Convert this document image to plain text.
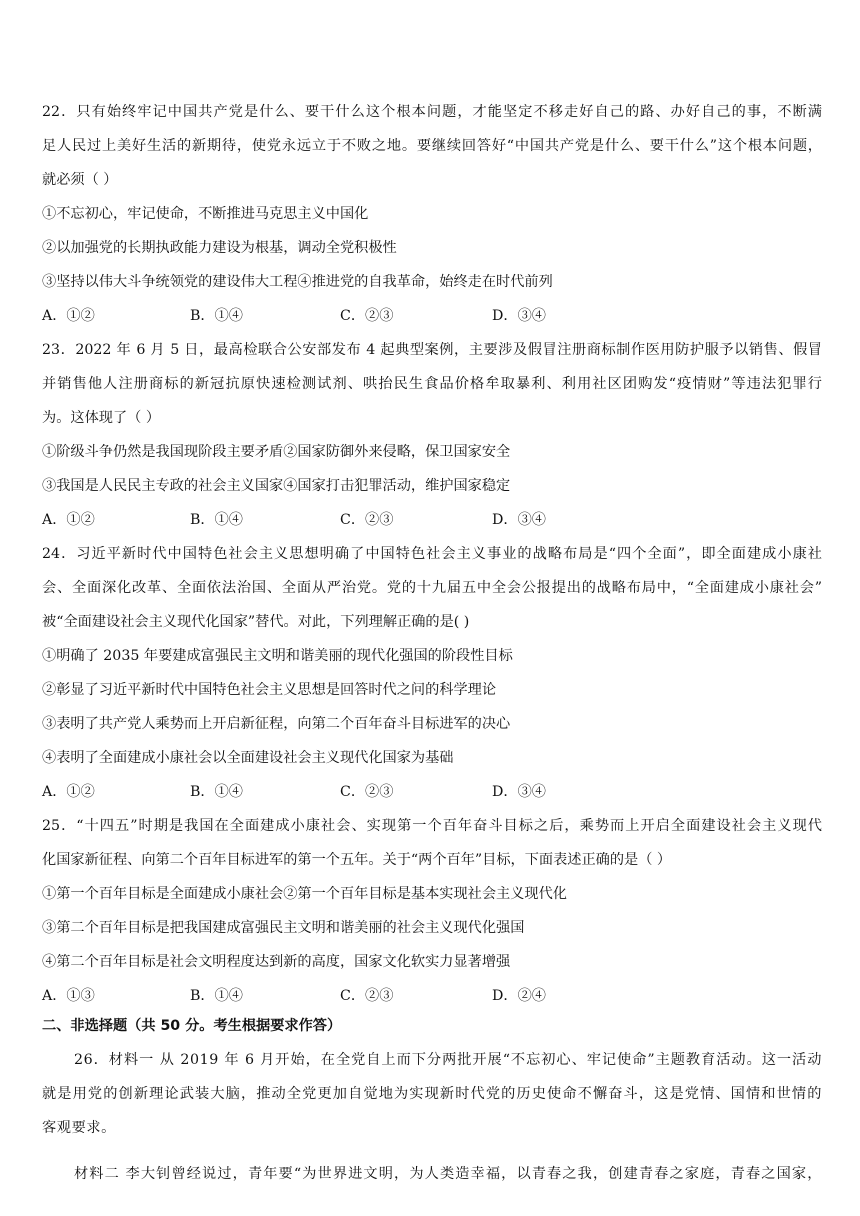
22．只有始终牢记中国共产党是什么、要干什么这个根本问题，才能坚定不移走好自己的路、办好自己的事，不断满
足人民过上美好生活的新期待，使党永远立于不败之地。要继续回答好“中国共产党是什么、要干什么”这个根本问题，
就必须（ ）
①不忘初心，牢记使命，不断推进马克思主义中国化
②以加强党的长期执政能力建设为根基，调动全党积极性
③坚持以伟大斗争统领党的建设伟大工程④推进党的自我革命，始终走在时代前列
A．①②	B．①④	C．②③	D．③④
23．2022 年 6 月 5 日，最高检联合公安部发布 4 起典型案例，主要涉及假冒注册商标制作医用防护服予以销售、假冒
并销售他人注册商标的新冠抗原快速检测试剂、哄抬民生食品价格牟取暴利、利用社区团购发“疫情财”等违法犯罪行
为。这体现了（ ）
①阶级斗争仍然是我国现阶段主要矛盾②国家防御外来侵略，保卫国家安全
③我国是人民民主专政的社会主义国家④国家打击犯罪活动，维护国家稳定
A．①②	B．①④	C．②③	D．③④
24．习近平新时代中国特色社会主义思想明确了中国特色社会主义事业的战略布局是“四个全面”，即全面建成小康社
会、全面深化改革、全面依法治国、全面从严治党。党的十九届五中全会公报提出的战略布局中，“全面建成小康社会”
被“全面建设社会主义现代化国家”替代。对此，下列理解正确的是( )
①明确了 2035 年要建成富强民主文明和谐美丽的现代化强国的阶段性目标
②彰显了习近平新时代中国特色社会主义思想是回答时代之问的科学理论
③表明了共产党人乘势而上开启新征程，向第二个百年奋斗目标进军的决心
④表明了全面建成小康社会以全面建设社会主义现代化国家为基础
A．①②	B．①④	C．②③	D．③④
25．“十四五”时期是我国在全面建成小康社会、实现第一个百年奋斗目标之后，乘势而上开启全面建设社会主义现代
化国家新征程、向第二个百年目标进军的第一个五年。关于“两个百年”目标，下面表述正确的是（ ）
①第一个百年目标是全面建成小康社会②第一个百年目标是基本实现社会主义现代化
③第二个百年目标是把我国建成富强民主文明和谐美丽的社会主义现代化强国
④第二个百年目标是社会文明程度达到新的高度，国家文化软实力显著增强
A．①③	B．①④	C．②③	D．②④
二、非选择题（共 50 分。考生根据要求作答）
26．材料一 从 2019 年 6 月开始，在全党自上而下分两批开展“不忘初心、牢记使命”主题教育活动。这一活动
就是用党的创新理论武装大脑，推动全党更加自觉地为实现新时代党的历史使命不懈奋斗，这是党情、国情和世情的
客观要求。
材料二 李大钊曾经说过，青年要“为世界进文明，为人类造幸福，以青春之我，创建青春之家庭，青春之国家，
